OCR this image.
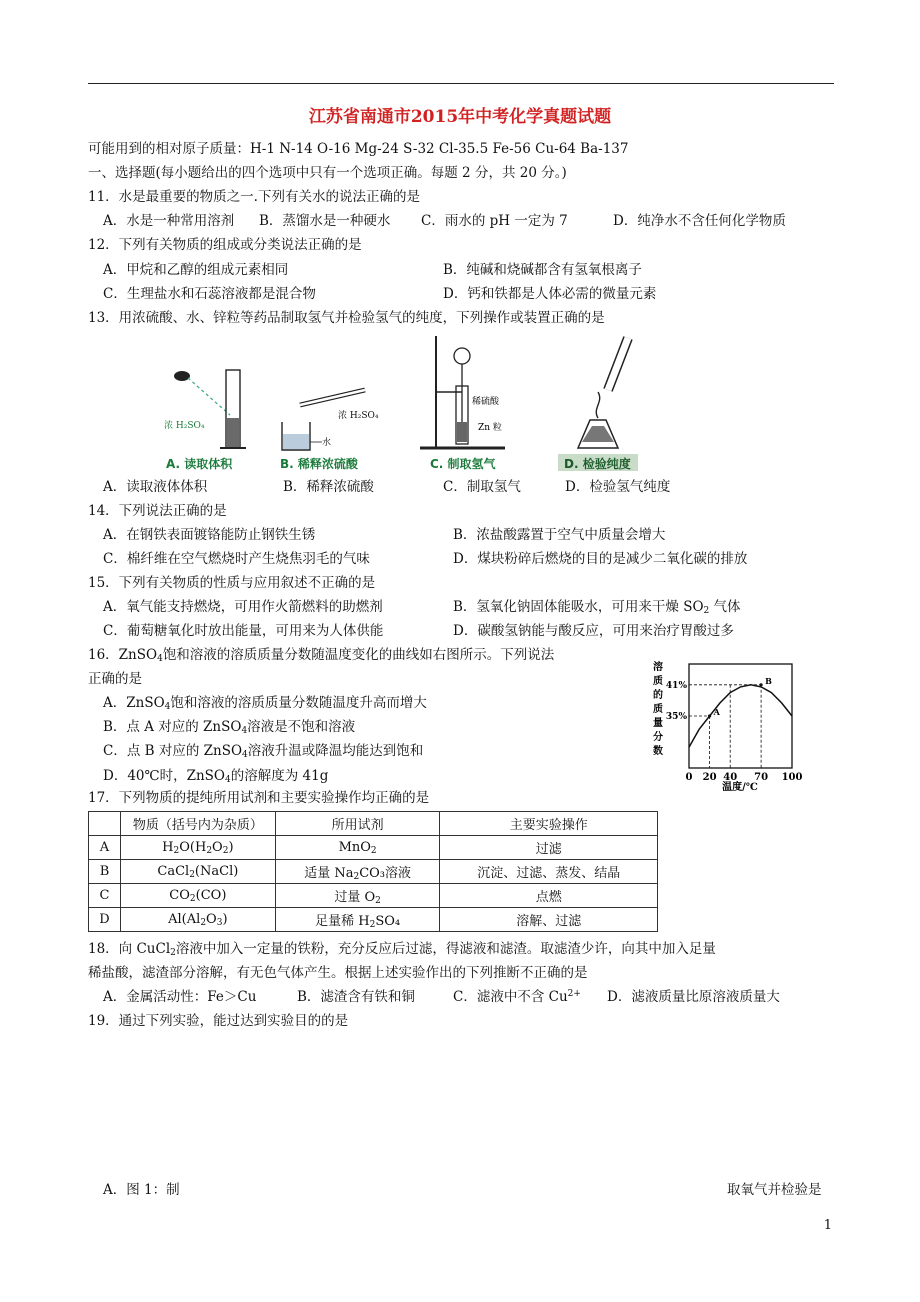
江苏省南通市2015年中考化学真题试题
可能用到的相对原子质量：H-1 N-14 O-16 Mg-24 S-32 Cl-35.5 Fe-56 Cu-64 Ba-137
一、选择题(每小题给出的四个选项中只有一个选项正确。每题 2 分，共 20 分。)
11．水是最重要的物质之一.下列有关水的说法正确的是
A．水是一种常用溶剂 B．蒸馏水是一种硬水 C．雨水的 pH 一定为 7	D．纯净水不含任何化学物质
12．下列有关物质的组成或分类说法正确的是
A．甲烷和乙醇的组成元素相同	B．纯碱和烧碱都含有氢氧根离子
C．生理盐水和石蕊溶液都是混合物	D．钙和铁都是人体必需的微量元素
13．用浓硫酸、水、锌粒等药品制取氢气并检验氢气的纯度，下列操作或装置正确的是
浓 H₂SO₄
A. 读取体积
浓 H₂SO₄
水
B. 稀释浓硫酸
稀硫酸
Zn 粒
C. 制取氢气	D. 检验纯度
A．读取液体体积	B．稀释浓硫酸	C．制取氢气	D．检验氢气纯度
14．下列说法正确的是
A．在钢铁表面镀铬能防止钢铁生锈	B．浓盐酸露置于空气中质量会增大
C．棉纤维在空气燃烧时产生烧焦羽毛的气味	D．煤块粉碎后燃烧的目的是减少二氧化碳的排放
15．下列有关物质的性质与应用叙述不正确的是
A．氧气能支持燃烧，可用作火箭燃料的助燃剂	B．氢氧化钠固体能吸水，可用来干燥 $SO_2$ 气体
C．葡萄糖氧化时放出能量，可用来为人体供能	D．碳酸氢钠能与酸反应，可用来治疗胃酸过多
16．ZnSO$_4$饱和溶液的溶质质量分数随温度变化的曲线如右图所示。下列说法
正确的是
A．ZnSO$_4$饱和溶液的溶质质量分数随温度升高而增大
B．点 A 对应的 ZnSO$_4$溶液是不饱和溶液
C．点 B 对应的 ZnSO$_4$溶液升温或降温均能达到饱和
D．40℃时，ZnSO$_4$的溶解度为 41g
溶
质
的
质
量
分
数
A
B
0 20 40 70 100
35%
41%
温度/℃
17．下列物质的提纯所用试剂和主要实验操作均正确的是
	物质（括号内为杂质）	所用试剂	主要实验操作
A	$H_2O(H_2O_2)$	MnO$_2$	过滤
B	CaCl$_2$(NaCl)	适量 $Na_2CO_3$溶液	沉淀、过滤、蒸发、结晶
C	$CO_2(CO)$	过量 $O_2$	点燃
D	$Al(Al_2O_3)$	足量稀 $H_2SO_4$	溶解、过滤
18．向 CuCl$_2$溶液中加入一定量的铁粉，充分反应后过滤，得滤液和滤渣。取滤渣少许，向其中加入足量
稀盐酸，滤渣部分溶解，有无色气体产生。根据上述实验作出的下列推断不正确的是
A．金属活动性：Fe＞Cu	B．滤渣含有铁和铜	C．滤液中不含 $Cu^{2+}$ D．滤液质量比原溶液质量大
19．通过下列实验，能过达到实验目的的是
A．图 1：制	取氧气并检验是
1
